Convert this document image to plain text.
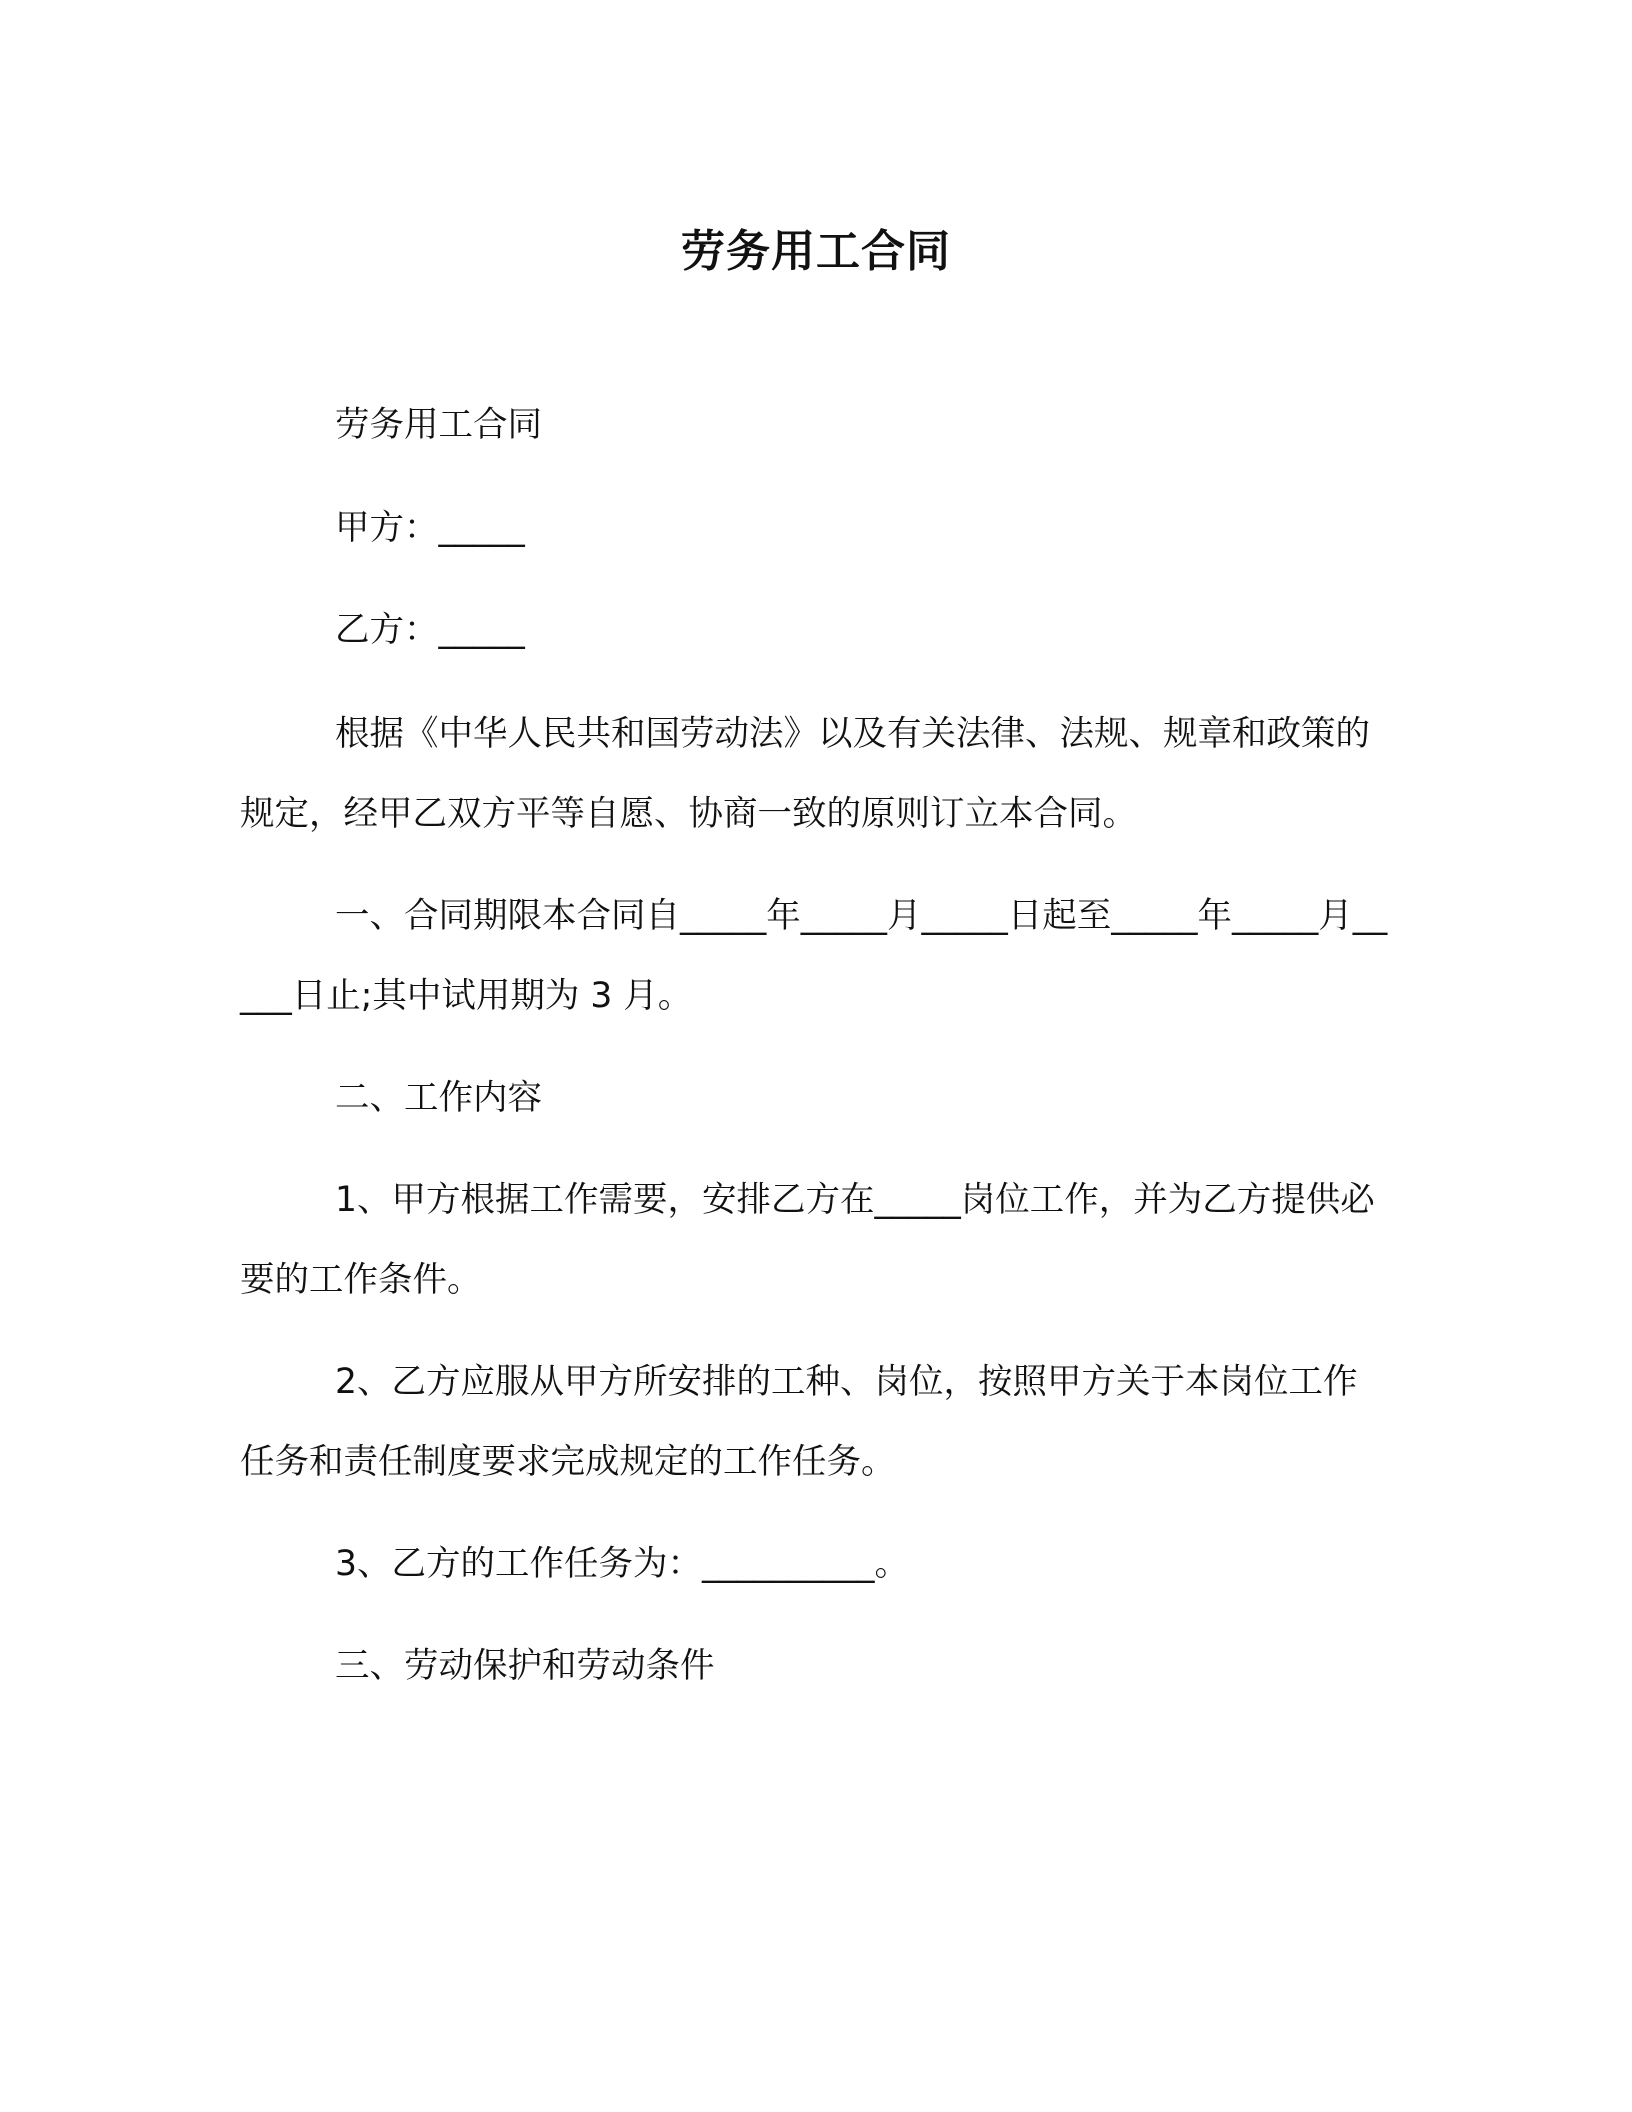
劳务用工合同

劳务用工合同

甲方：_____

乙方：_____

根据《中华人民共和国劳动法》以及有关法律、法规、规章和政策的规定，经甲乙双方平等自愿、协商一致的原则订立本合同。

一、合同期限本合同自_____年_____月_____日起至_____年_____月_____日止;其中试用期为 3 月。

二、工作内容

1、甲方根据工作需要，安排乙方在_____岗位工作，并为乙方提供必要的工作条件。

2、乙方应服从甲方所安排的工种、岗位，按照甲方关于本岗位工作任务和责任制度要求完成规定的工作任务。

3、乙方的工作任务为：__________。

三、劳动保护和劳动条件
